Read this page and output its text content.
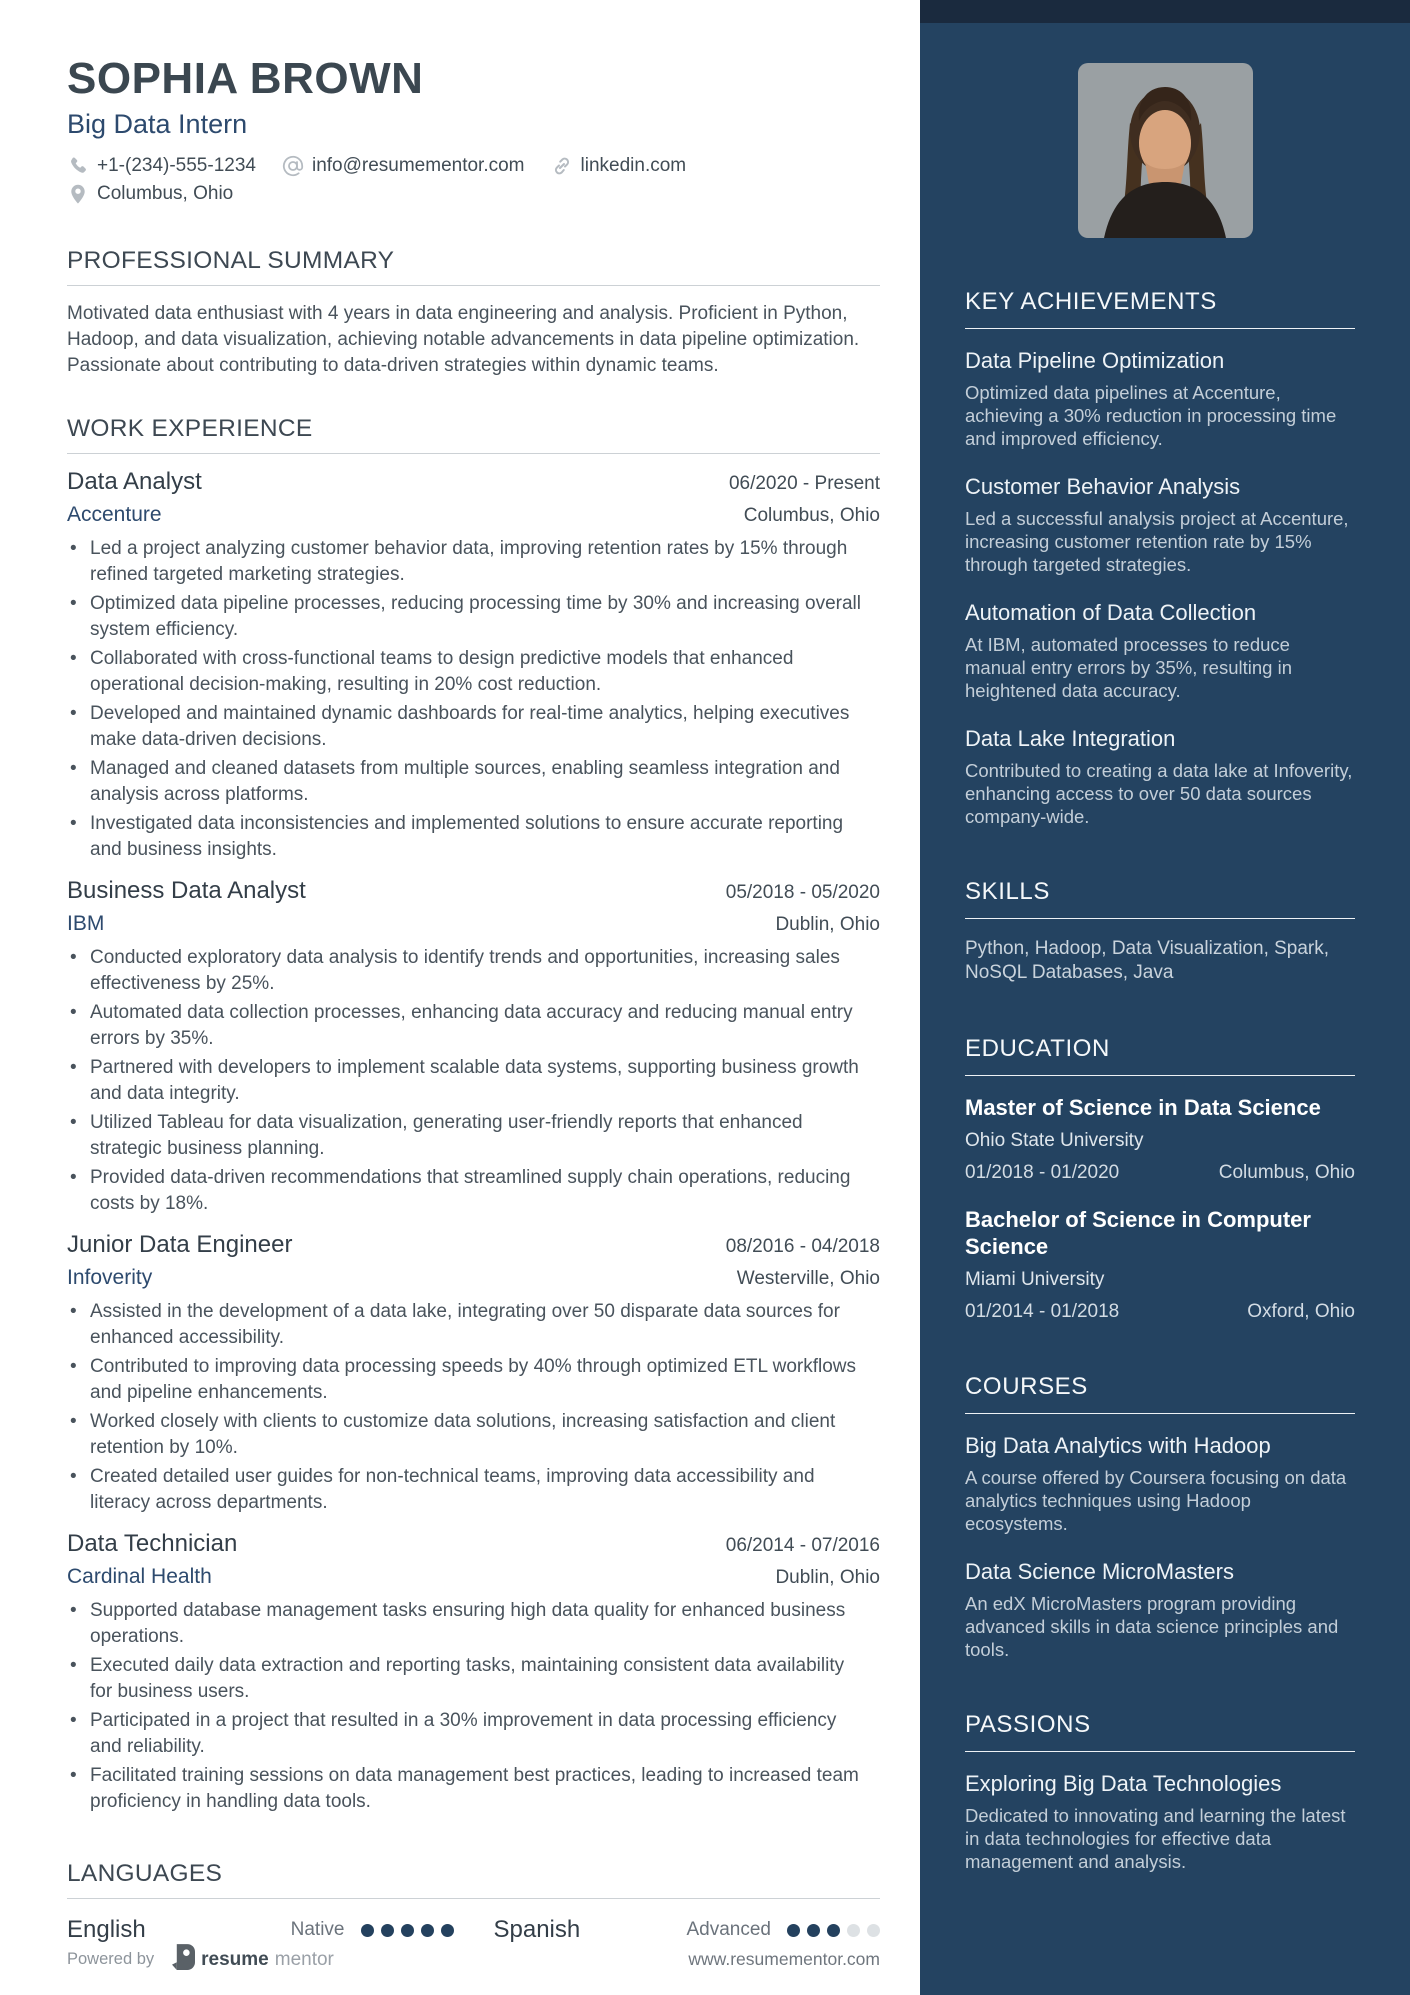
SOPHIA BROWN
Big Data Intern
+1-(234)-555-1234	info@resumementor.com	linkedin.com
Columbus, Ohio
PROFESSIONAL SUMMARY

Motivated data enthusiast with 4 years in data engineering and analysis. Proficient in Python, Hadoop, and data visualization, achieving notable advancements in data pipeline optimization. Passionate about contributing to data-driven strategies within dynamic teams.

WORK EXPERIENCE
Data Analyst	06/2020 - Present
Accenture	Columbus, Ohio
• Led a project analyzing customer behavior data, improving retention rates by 15% through refined targeted marketing strategies.
• Optimized data pipeline processes, reducing processing time by 30% and increasing overall system efficiency.
• Collaborated with cross-functional teams to design predictive models that enhanced operational decision-making, resulting in 20% cost reduction.
• Developed and maintained dynamic dashboards for real-time analytics, helping executives make data-driven decisions.
• Managed and cleaned datasets from multiple sources, enabling seamless integration and analysis across platforms.
• Investigated data inconsistencies and implemented solutions to ensure accurate reporting and business insights.
Business Data Analyst	05/2018 - 05/2020
IBM	Dublin, Ohio
• Conducted exploratory data analysis to identify trends and opportunities, increasing sales effectiveness by 25%.
• Automated data collection processes, enhancing data accuracy and reducing manual entry errors by 35%.
• Partnered with developers to implement scalable data systems, supporting business growth and data integrity.
• Utilized Tableau for data visualization, generating user-friendly reports that enhanced strategic business planning.
• Provided data-driven recommendations that streamlined supply chain operations, reducing costs by 18%.
Junior Data Engineer	08/2016 - 04/2018
Infoverity	Westerville, Ohio
• Assisted in the development of a data lake, integrating over 50 disparate data sources for enhanced accessibility.
• Contributed to improving data processing speeds by 40% through optimized ETL workflows and pipeline enhancements.
• Worked closely with clients to customize data solutions, increasing satisfaction and client retention by 10%.
• Created detailed user guides for non-technical teams, improving data accessibility and literacy across departments.
Data Technician	06/2014 - 07/2016
Cardinal Health	Dublin, Ohio
• Supported database management tasks ensuring high data quality for enhanced business operations.
• Executed daily data extraction and reporting tasks, maintaining consistent data availability for business users.
• Participated in a project that resulted in a 30% improvement in data processing efficiency and reliability.
• Facilitated training sessions on data management best practices, leading to increased team proficiency in handling data tools.
LANGUAGES
English	Native	Spanish	Advanced
Powered by resume mentor	www.resumementor.com
KEY ACHIEVEMENTS
Data Pipeline Optimization
Optimized data pipelines at Accenture, achieving a 30% reduction in processing time and improved efficiency.
Customer Behavior Analysis
Led a successful analysis project at Accenture, increasing customer retention rate by 15% through targeted strategies.
Automation of Data Collection
At IBM, automated processes to reduce manual entry errors by 35%, resulting in heightened data accuracy.
Data Lake Integration
Contributed to creating a data lake at Infoverity, enhancing access to over 50 data sources company-wide.
SKILLS
Python, Hadoop, Data Visualization, Spark, NoSQL Databases, Java
EDUCATION
Master of Science in Data Science
Ohio State University
01/2018 - 01/2020	Columbus, Ohio
Bachelor of Science in Computer Science
Miami University
01/2014 - 01/2018	Oxford, Ohio
COURSES
Big Data Analytics with Hadoop
A course offered by Coursera focusing on data analytics techniques using Hadoop ecosystems.
Data Science MicroMasters
An edX MicroMasters program providing advanced skills in data science principles and tools.
PASSIONS
Exploring Big Data Technologies
Dedicated to innovating and learning the latest in data technologies for effective data management and analysis.
